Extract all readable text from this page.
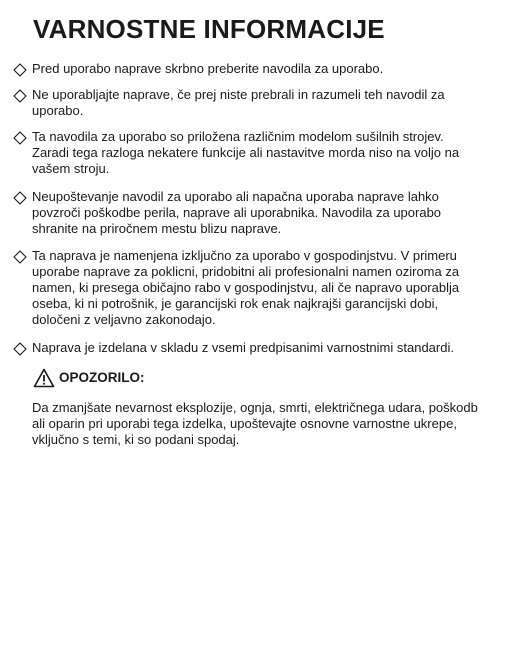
VARNOSTNE INFORMACIJE
Pred uporabo naprave skrbno preberite navodila za uporabo.
Ne uporabljajte naprave, če prej niste prebrali in razumeli teh navodil za uporabo.
Ta navodila za uporabo so priložena različnim modelom sušilnih strojev. Zaradi tega razloga nekatere funkcije ali nastavitve morda niso na voljo na vašem stroju.
Neupoštevanje navodil za uporabo ali napačna uporaba naprave lahko povzroči poškodbe perila, naprave ali uporabnika. Navodila za uporabo shranite na priročnem mestu blizu naprave.
Ta naprava je namenjena izključno za uporabo v gospodinjstvu. V primeru uporabe naprave za poklicni, pridobitni ali profesionalni namen oziroma za namen, ki presega običajno rabo v gospodinjstvu, ali če napravo uporablja oseba, ki ni potrošnik, je garancijski rok enak najkrajši garancijski dobi, določeni z veljavno zakonodajo.
Naprava je izdelana v skladu z vsemi predpisanimi varnostnimi standardi.
OPOZORILO:
Da zmanjšate nevarnost eksplozije, ognja, smrti, električnega udara, poškodb ali oparin pri uporabi tega izdelka, upoštevajte osnovne varnostne ukrepe, vključno s temi, ki so podani spodaj.
